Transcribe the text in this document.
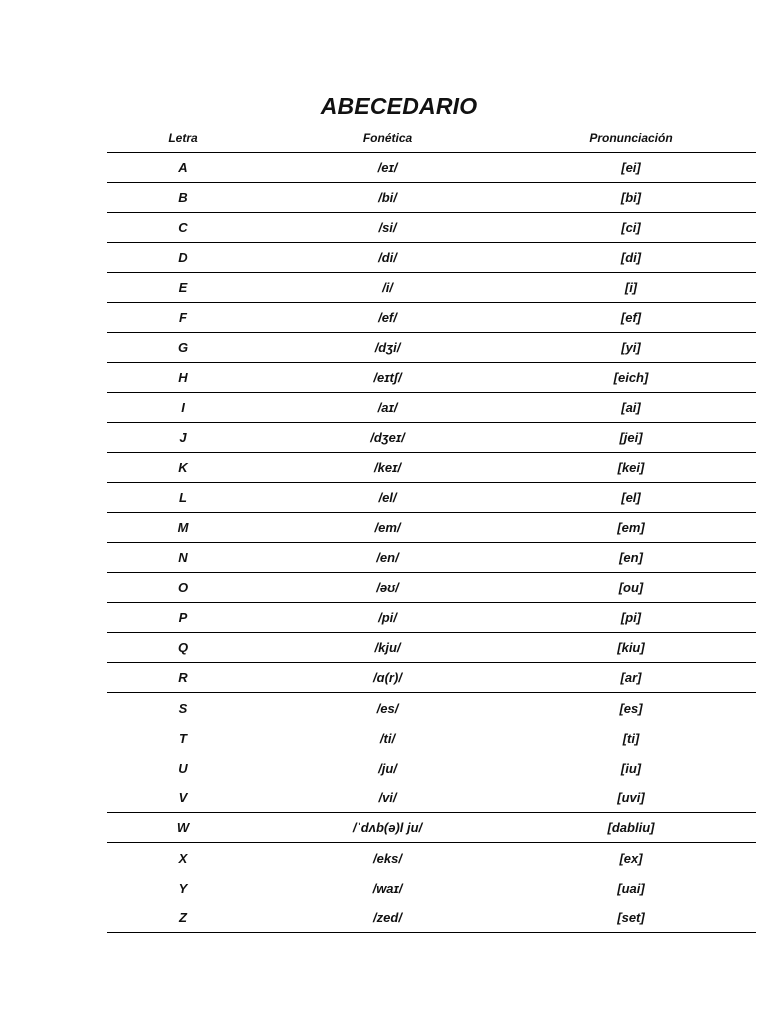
ABECEDARIO
Letra	Fonética	Pronunciación
A	/eɪ/	[ei]
B	/bi/	[bi]
C	/si/	[ci]
D	/di/	[di]
E	/i/	[i]
F	/ef/	[ef]
G	/dʒi/	[yi]
H	/eɪtʃ/	[eich]
I	/aɪ/	[ai]
J	/dʒeɪ/	[jei]
K	/keɪ/	[kei]
L	/el/	[el]
M	/em/	[em]
N	/en/	[en]
O	/əʊ/	[ou]
P	/pi/	[pi]
Q	/kju/	[kiu]
R	/ɑ(r)/	[ar]
S	/es/	[es]
T	/ti/	[ti]
U	/ju/	[iu]
V	/vi/	[uvi]
W	/ˈdʌb(ə)l ju/	[dabliu]
X	/eks/	[ex]
Y	/waɪ/	[uai]
Z	/zed/	[set]
